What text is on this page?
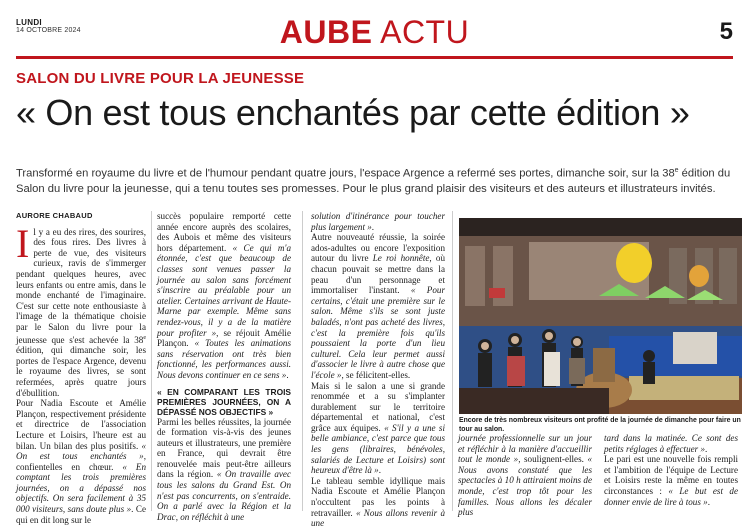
LUNDI
14 OCTOBRE 2024	AUBE ACTU	5
SALON DU LIVRE POUR LA JEUNESSE
« On est tous enchantés par cette édition »

Transformé en royaume du livre et de l'humour pendant quatre jours, l'espace Argence a refermé ses portes, dimanche soir, sur la 38e édition du Salon du livre pour la jeunesse, qui a tenu toutes ses promesses. Pour le plus grand plaisir des visiteurs et des auteurs et illustrateurs invités.

AURORE CHABAUD

Il y a eu des rires, des sourires, des fous rires. Des livres à perte de vue, des visiteurs curieux, ravis de s'immerger pendant quelques heures, avec leurs enfants ou entre amis, dans le monde enchanté de l'imaginaire. C'est sur cette note enthousiaste à l'image de la thématique choisie par le Salon du livre pour la jeunesse que s'est achevée la 38e édition, qui dimanche soir, les portes de l'espace Argence, devenu le royaume des livres, se sont refermées, après quatre jours d'ébullition.

Pour Nadia Escoute et Amélie Plançon, respectivement présidente et directrice de l'association Lecture et Loisirs, l'heure est au bilan. Un bilan des plus positifs. « On est tous enchantés », confientelles en chœur. « En comptant les trois premières journées, on a dépassé nos objectifs. On sera facilement à 35 000 visiteurs, sans doute plus ». Ce qui en dit long sur le

succès populaire remporté cette année encore auprès des scolaires, des Aubois et même des visiteurs hors département. « Ce qui m'a étonnée, c'est que beaucoup de classes sont venues passer la journée au salon sans forcément s'inscrire au préalable pour un atelier. Certaines arrivant de Haute-Marne par exemple. Même sans rendez-vous, il y a de la matière pour profiter », se réjouit Amélie Plançon. « Toutes les animations sans réservation ont très bien fonctionné, les performances aussi. Nous devons continuer en ce sens ».

« EN COMPARANT LES TROIS PREMIÈRES JOURNÉES, ON A DÉPASSÉ NOS OBJECTIFS »

Parmi les belles réussites, la journée de formation vis-à-vis des jeunes auteurs et illustrateurs, une première en France, qui devrait être renouvelée mais peut-être ailleurs dans la région. « On travaille avec tous les salons du Grand Est. On n'est pas concurrents, on s'entraide. On a parlé avec la Région et la Drac, on réfléchit à une

solution d'itinérance pour toucher plus largement ».

Autre nouveauté réussie, la soirée ados-adultes ou encore l'exposition autour du livre Le roi honnête, où chacun pouvait se mettre dans la peau d'un personnage et immortaliser l'instant. « Pour certains, c'était une première sur le salon. Même s'ils se sont juste baladés, n'ont pas acheté des livres, c'est la première fois qu'ils poussaient la porte d'un lieu culturel. Cela leur permet aussi d'associer le livre à autre chose que l'école », se félicitent-elles.

Mais si le salon a une si grande renommée et a su s'implanter durablement sur le territoire départemental et national, c'est grâce aux équipes. « S'il y a une si belle ambiance, c'est parce que tous les gens (libraires, bénévoles, salariés de Lecture et Loisirs) sont heureux d'être là ».

Le tableau semble idyllique mais Nadia Escoute et Amélie Plançon n'occultent pas les points à retravailler. « Nous allons revenir à une

Encore de très nombreux visiteurs ont profité de la journée de dimanche pour faire un tour au salon.

journée professionnelle sur un jour et réfléchir à la manière d'accueillir tout le monde », soulignent-elles. « Nous avons constaté que les spectacles à 10 h attiraient moins de monde, c'est trop tôt pour les familles. Nous allons les décaler plus

tard dans la matinée. Ce sont des petits réglages à effectuer ».

Le pari est une nouvelle fois rempli et l'ambition de l'équipe de Lecture et Loisirs reste la même en toutes circonstances : « Le but est de donner envie de lire à tous ».
